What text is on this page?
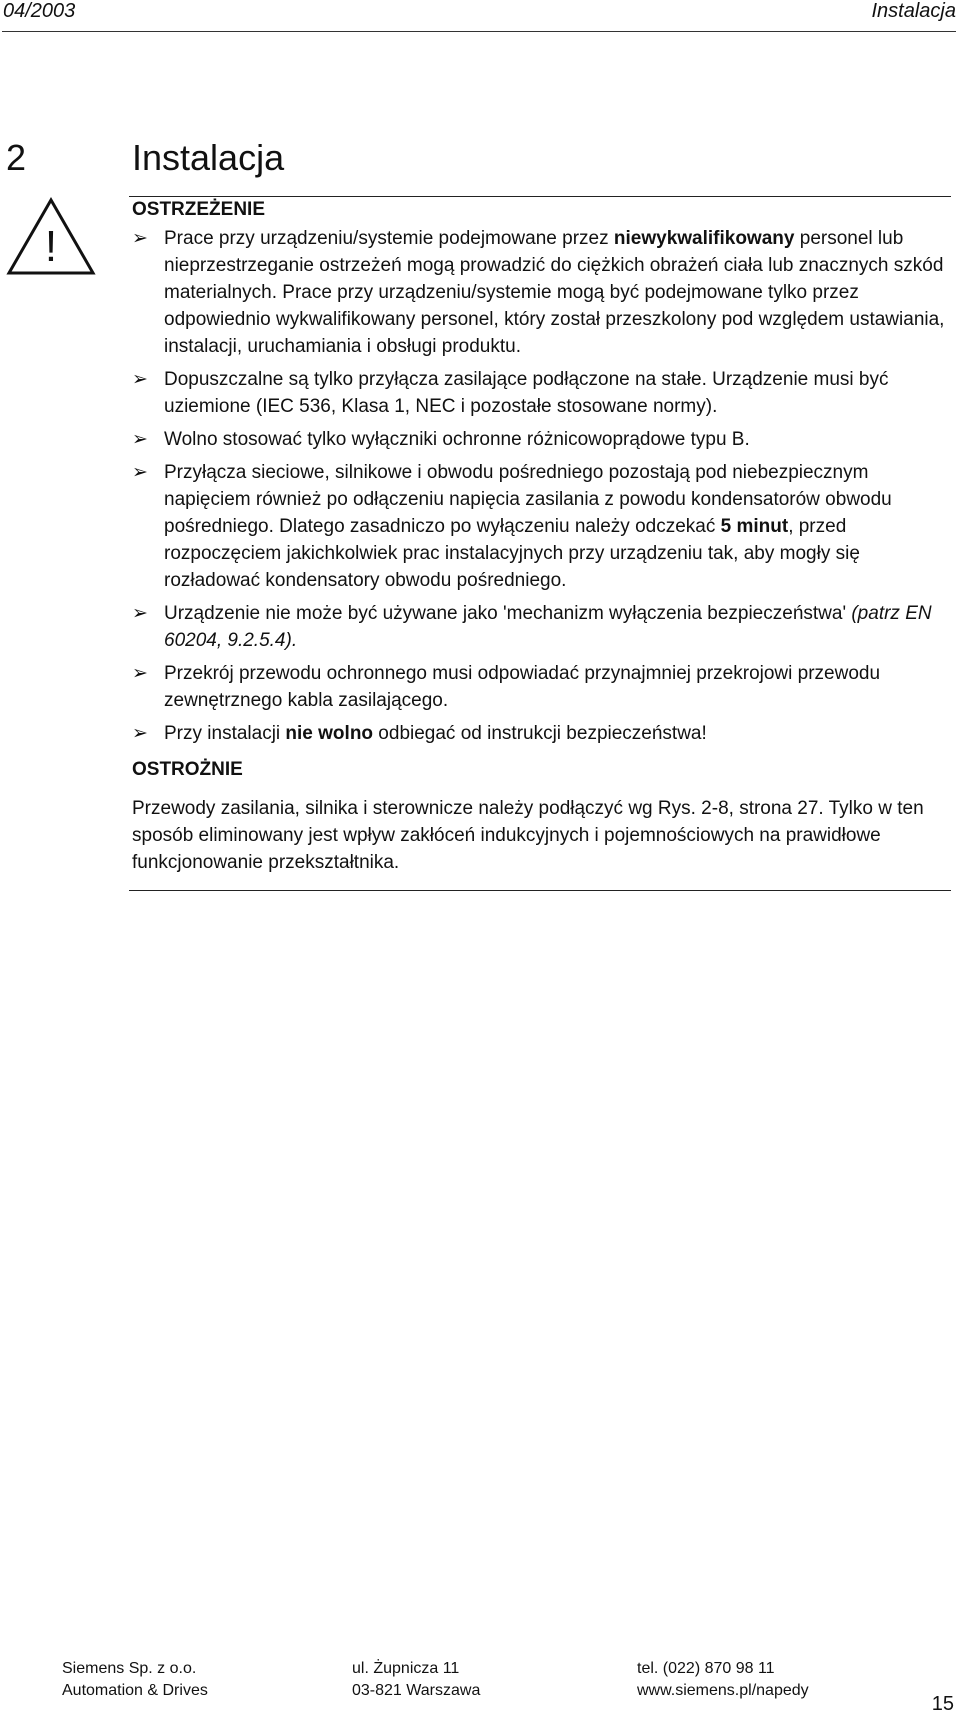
04/2003	Instalacja
2	Instalacja
!
OSTRZEŻENIE
➢ Prace przy urządzeniu/systemie podejmowane przez niewykwalifikowany personel lub nieprzestrzeganie ostrzeżeń mogą prowadzić do ciężkich obrażeń ciała lub znacznych szkód materialnych. Prace przy urządzeniu/systemie mogą być podejmowane tylko przez odpowiednio wykwalifikowany personel, który został przeszkolony pod względem ustawiania, instalacji, uruchamiania i obsługi produktu.
➢ Dopuszczalne są tylko przyłącza zasilające podłączone na stałe. Urządzenie musi być uziemione (IEC 536, Klasa 1, NEC i pozostałe stosowane normy).
➢ Wolno stosować tylko wyłączniki ochronne różnicowoprądowe typu B.
➢ Przyłącza sieciowe, silnikowe i obwodu pośredniego pozostają pod niebezpiecznym napięciem również po odłączeniu napięcia zasilania z powodu kondensatorów obwodu pośredniego. Dlatego zasadniczo po wyłączeniu należy odczekać 5 minut, przed rozpoczęciem jakichkolwiek prac instalacyjnych przy urządzeniu tak, aby mogły się rozładować kondensatory obwodu pośredniego.
➢ Urządzenie nie może być używane jako 'mechanizm wyłączenia bezpieczeństwa' (patrz EN 60204, 9.2.5.4).
➢ Przekrój przewodu ochronnego musi odpowiadać przynajmniej przekrojowi przewodu zewnętrznego kabla zasilającego.
➢ Przy instalacji nie wolno odbiegać od instrukcji bezpieczeństwa!
OSTROŻNIE

Przewody zasilania, silnika i sterownicze należy podłączyć wg Rys. 2-8, strona 27. Tylko w ten sposób eliminowany jest wpływ zakłóceń indukcyjnych i pojemnościowych na prawidłowe funkcjonowanie przekształtnika.

Siemens Sp. z o.o.
Automation & Drives
ul. Żupnicza 11
03-821 Warszawa
tel. (022) 870 98 11
www.siemens.pl/napedy
15
